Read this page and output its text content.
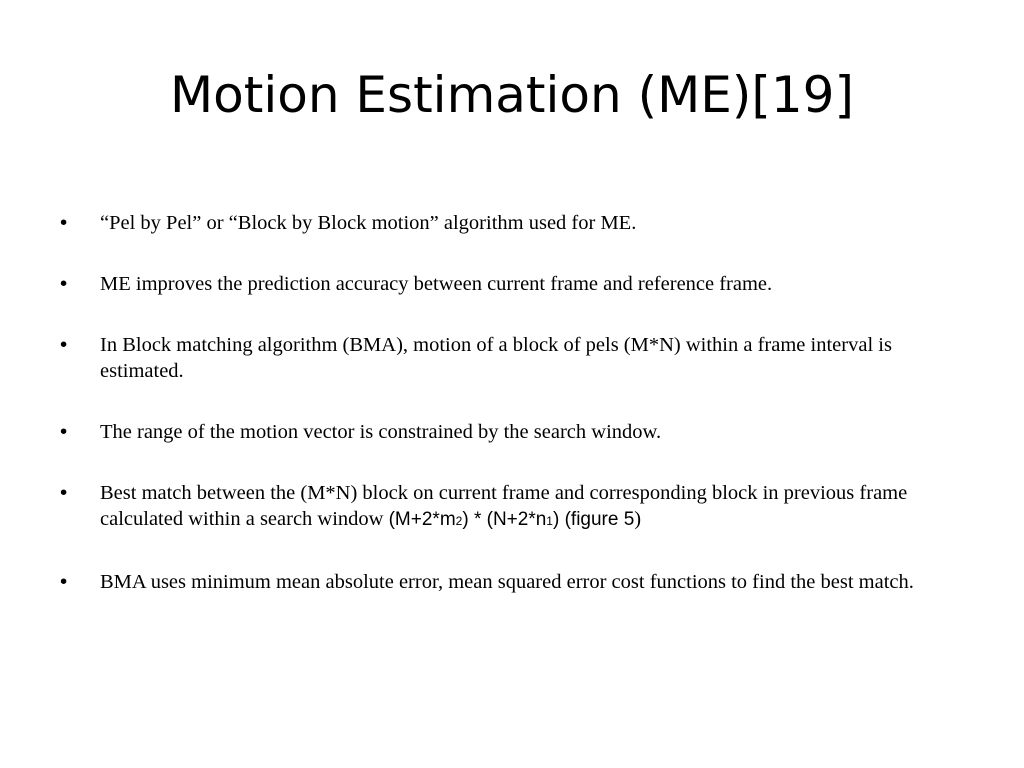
Motion Estimation (ME)[19]
•	“Pel by Pel” or “Block by Block motion” algorithm used for ME.
•	ME improves the prediction accuracy between current frame and reference frame.
•	In Block matching algorithm (BMA), motion of a block of pels (M*N) within a frame interval is estimated.
•	The range of the motion vector is constrained by the search window.
•	Best match between the (M*N) block on current frame and corresponding block in previous frame calculated within a search window (M+2*m2) * (N+2*n1) (figure 5)
•	BMA uses minimum mean absolute error, mean squared error cost functions to find the best match.
